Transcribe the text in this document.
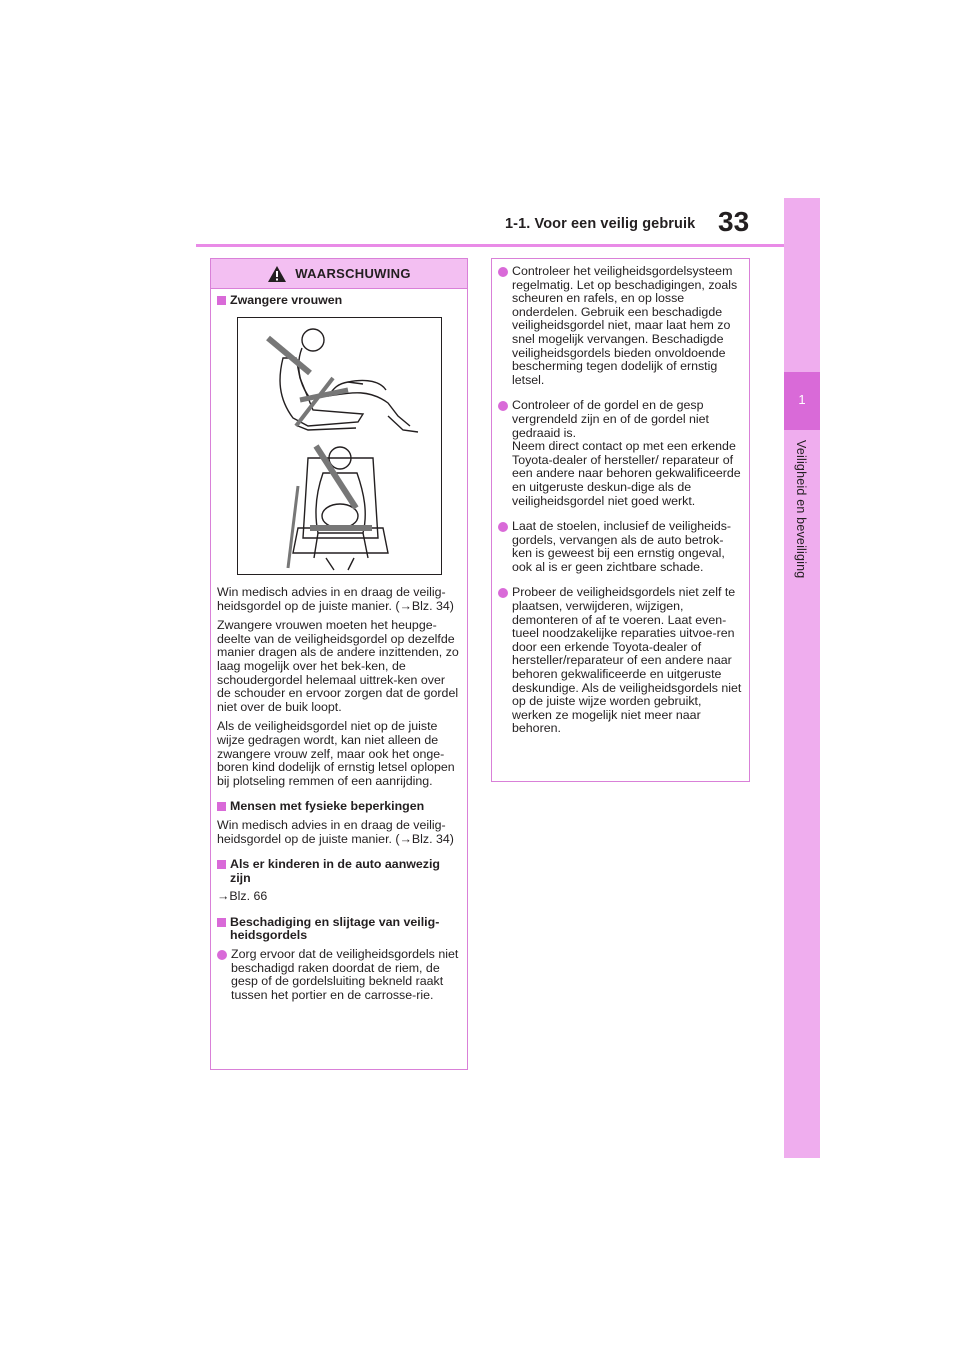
1-1. Voor een veilig gebruik 33
1
Veiligheid en beveiliging
WAARSCHUWING
Zwangere vrouwen

Win medisch advies in en draag de veilig-heidsgordel op de juiste manier. (→Blz. 34)

Zwangere vrouwen moeten het heupge-deelte van de veiligheidsgordel op dezelfde manier dragen als de andere inzittenden, zo laag mogelijk over het bek-ken, de schoudergordel helemaal uittrek-ken over de schouder en ervoor zorgen dat de gordel niet over de buik loopt.

Als de veiligheidsgordel niet op de juiste wijze gedragen wordt, kan niet alleen de zwangere vrouw zelf, maar ook het onge-boren kind dodelijk of ernstig letsel oplopen bij plotseling remmen of een aanrijding.

Mensen met fysieke beperkingen

Win medisch advies in en draag de veilig-heidsgordel op de juiste manier. (→Blz. 34)

Als er kinderen in de auto aanwezig zijn

→Blz. 66

Beschadiging en slijtage van veilig-heidsgordels
Zorg ervoor dat de veiligheidsgordels niet beschadigd raken doordat de riem, de gesp of de gordelsluiting bekneld raakt tussen het portier en de carrosse-rie.
Controleer het veiligheidsgordelsysteem regelmatig. Let op beschadigingen, zoals scheuren en rafels, en op losse onderdelen. Gebruik een beschadigde veiligheidsgordel niet, maar laat hem zo snel mogelijk vervangen. Beschadigde veiligheidsgordels bieden onvoldoende bescherming tegen dodelijk of ernstig letsel.
Controleer of de gordel en de gesp vergrendeld zijn en of de gordel niet gedraaid is.
Neem direct contact op met een erkende Toyota-dealer of hersteller/ reparateur of een andere naar behoren gekwalificeerde en uitgeruste deskun-dige als de veiligheidsgordel niet goed werkt.
Laat de stoelen, inclusief de veiligheids-gordels, vervangen als de auto betrok-ken is geweest bij een ernstig ongeval, ook al is er geen zichtbare schade.
Probeer de veiligheidsgordels niet zelf te plaatsen, verwijderen, wijzigen, demonteren of af te voeren. Laat even-tueel noodzakelijke reparaties uitvoe-ren door een erkende Toyota-dealer of hersteller/reparateur of een andere naar behoren gekwalificeerde en uitgeruste deskundige. Als de veiligheidsgordels niet op de juiste wijze worden gebruikt, werken ze mogelijk niet meer naar behoren.
